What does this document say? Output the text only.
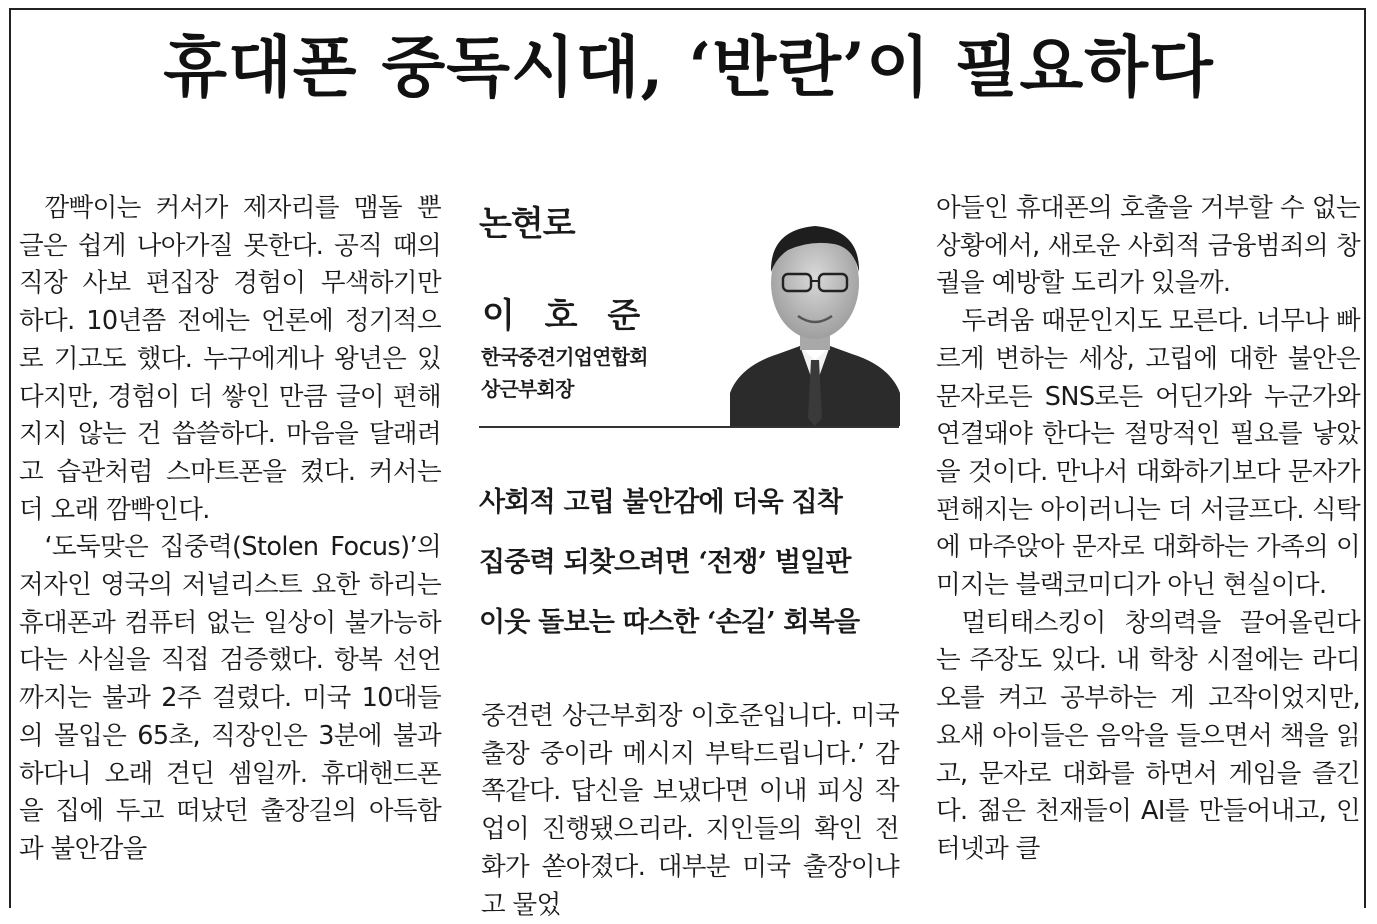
휴대폰 중독시대, ‘반란’이 필요하다

깜빡이는 커서가 제자리를 맴돌 뿐 글은 쉽게 나아가질 못한다. 공직 때의 직장 사보 편집장 경험이 무색하기만 하다. 10년쯤 전에는 언론에 정기적으로 기고도 했다. 누구에게나 왕년은 있다지만, 경험이 더 쌓인 만큼 글이 편해지지 않는 건 씁쓸하다. 마음을 달래려고 습관처럼 스마트폰을 켰다. 커서는 더 오래 깜빡인다.

‘도둑맞은 집중력(Stolen Focus)’의 저자인 영국의 저널리스트 요한 하리는 휴대폰과 컴퓨터 없는 일상이 불가능하다는 사실을 직접 검증했다. 항복 선언까지는 불과 2주 걸렸다. 미국 10대들의 몰입은 65초, 직장인은 3분에 불과하다니 오래 견딘 셈일까. 휴대핸드폰을 집에 두고 떠났던 출장길의 아득함과 불안감을

논현로
이 호 준
한국중견기업연합회
상근부회장
사회적 고립 불안감에 더욱 집착
집중력 되찾으려면 ‘전쟁’ 벌일판
이웃 돌보는 따스한 ‘손길’ 회복을

중견련 상근부회장 이호준입니다. 미국 출장 중이라 메시지 부탁드립니다.’ 감쪽같다. 답신을 보냈다면 이내 피싱 작업이 진행됐으리라. 지인들의 확인 전화가 쏟아졌다. 대부분 미국 출장이냐고 물었

아들인 휴대폰의 호출을 거부할 수 없는 상황에서, 새로운 사회적 금융범죄의 창궐을 예방할 도리가 있을까.

두려움 때문인지도 모른다. 너무나 빠르게 변하는 세상, 고립에 대한 불안은 문자로든 SNS로든 어딘가와 누군가와 연결돼야 한다는 절망적인 필요를 낳았을 것이다. 만나서 대화하기보다 문자가 편해지는 아이러니는 더 서글프다. 식탁에 마주앉아 문자로 대화하는 가족의 이미지는 블랙코미디가 아닌 현실이다.

멀티태스킹이 창의력을 끌어올린다는 주장도 있다. 내 학창 시절에는 라디오를 켜고 공부하는 게 고작이었지만, 요새 아이들은 음악을 들으면서 책을 읽고, 문자로 대화를 하면서 게임을 즐긴다. 젊은 천재들이 AI를 만들어내고, 인터넷과 클
